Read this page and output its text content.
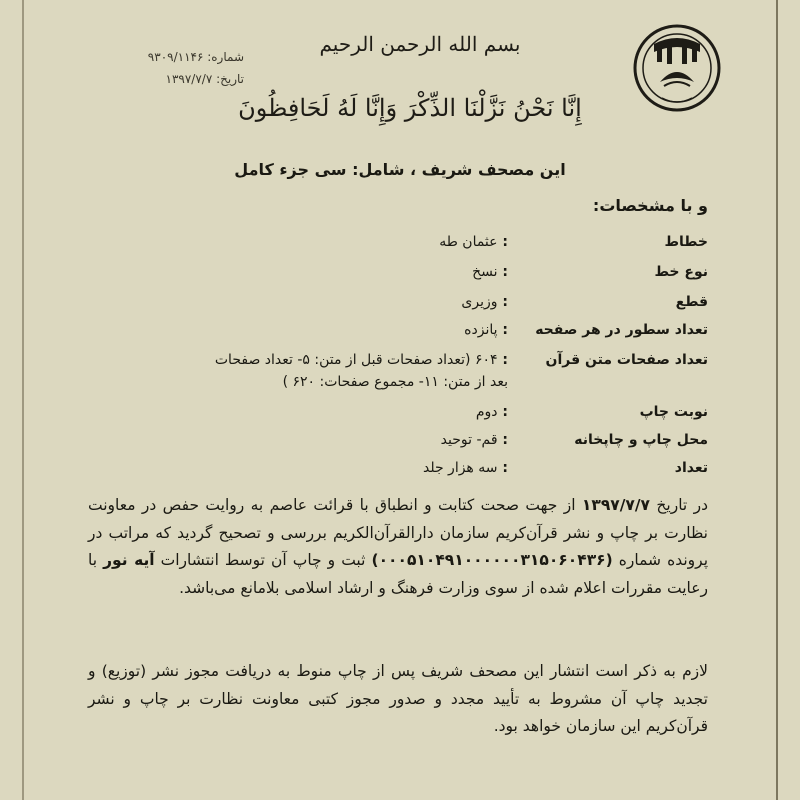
شماره: ۹۳۰۹/۱۱۴۶
تاریخ: ۱۳۹۷/۷/۷
بسم الله الرحمن الرحیم
إِنَّا نَحْنُ نَزَّلْنَا الذِّكْرَ وَإِنَّا لَهُ لَحَافِظُونَ
این مصحف شریف ، شامل: سی جزء کامل
و با مشخصات:
خطاط
: عثمان طه
نوع خط
: نسخ
قطع
: وزیری
تعداد سطور در هر صفحه
: پانزده
تعداد صفحات متن قرآن
: ۶۰۴ (تعداد صفحات قبل از متن: ۵- تعداد صفحات
بعد از متن: ۱۱- مجموع صفحات: ۶۲۰ )
نوبت چاپ
: دوم
محل چاپ و چاپخانه
: قم- توحید
تعداد
: سه هزار جلد
در تاریخ ۱۳۹۷/۷/۷ از جهت صحت کتابت و انطباق با قرائت عاصم به روایت حفص در معاونت نظارت بر چاپ و نشر قرآن‌کریم سازمان دارالقرآن‌الکریم بررسی و تصحیح گردید که مراتب در پرونده شماره (۰۰۰۵۱۰۴۹۱۰۰۰۰۰۰۳۱۵۰۶۰۴۳۶) ثبت و چاپ آن توسط انتشارات آیه نور با رعایت مقررات اعلام شده از سوی وزارت فرهنگ و ارشاد اسلامی بلامانع می‌باشد.
لازم به ذکر است انتشار این مصحف شریف پس از چاپ منوط به دریافت مجوز نشر (توزیع) و تجدید چاپ آن مشروط به تأیید مجدد و صدور مجوز کتبی معاونت نظارت بر چاپ و نشر قرآن‌کریم این سازمان خواهد بود.
